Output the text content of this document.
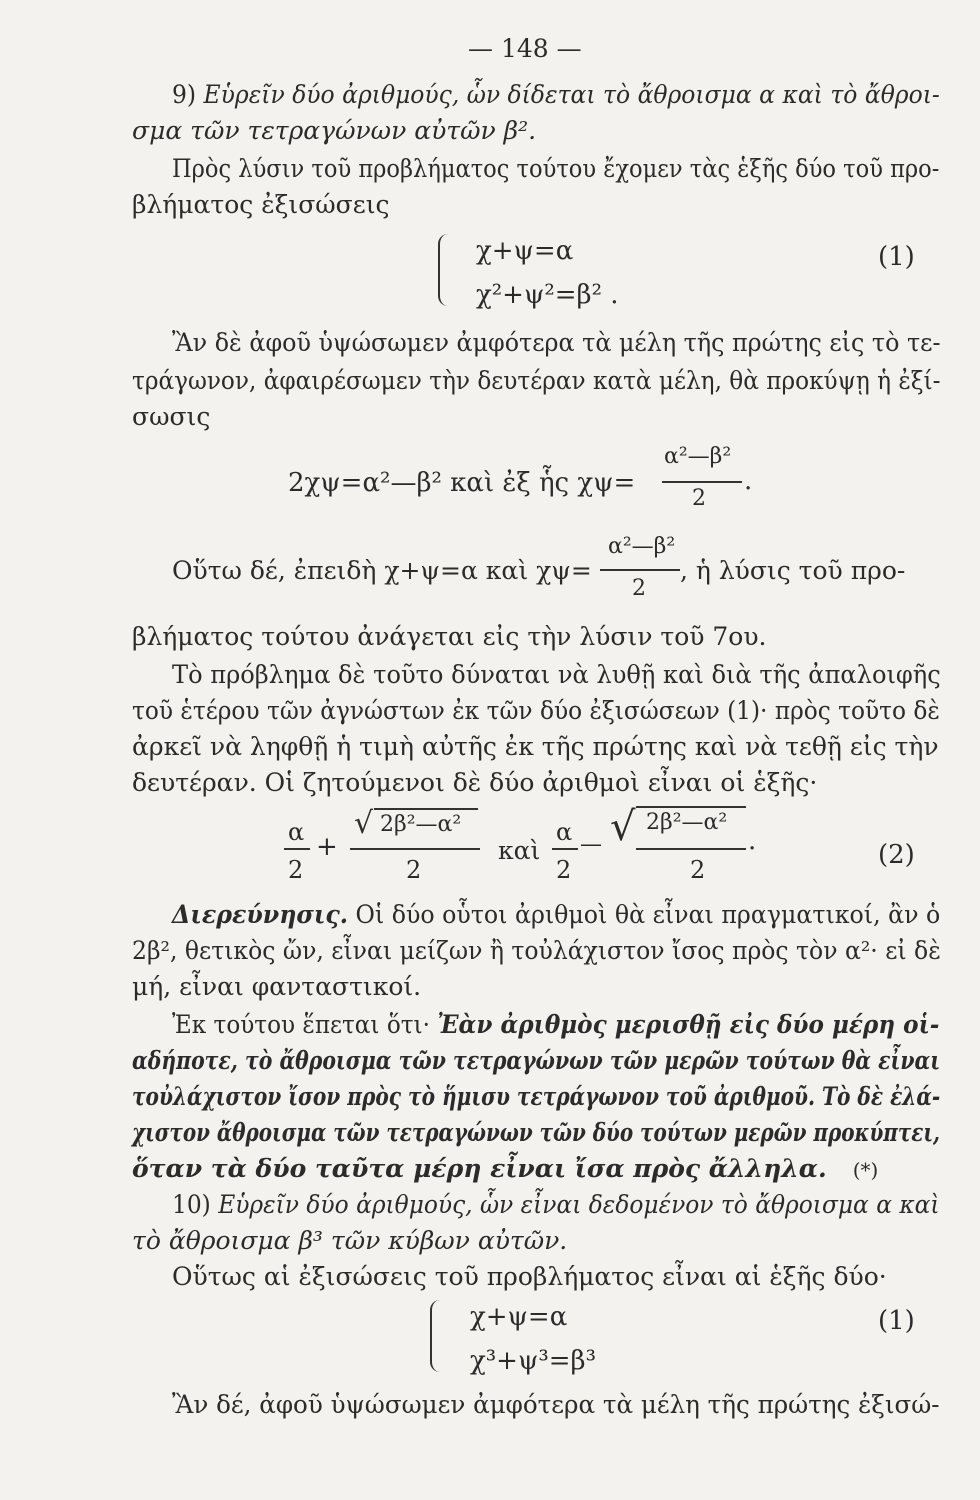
— 148 —
9) Εὑρεῖν δύο ἀριθμούς, ὧν δίδεται τὸ ἄθροισμα α καὶ τὸ ἄθροι-
σμα τῶν τετραγώνων αὐτῶν β².
Πρὸς λύσιν τοῦ προβλήματος τούτου ἔχομεν τὰς ἑξῆς δύο τοῦ προ-
βλήματος ἐξισώσεις
χ+ψ=α
χ²+ψ²=β² .
(1)
Ἂν δὲ ἀφοῦ ὑψώσωμεν ἀμφότερα τὰ μέλη τῆς πρώτης εἰς τὸ τε-
τράγωνον, ἀφαιρέσωμεν τὴν δευτέραν κατὰ μέλη, θὰ προκύψῃ ἡ ἐξί-
σωσις
2χψ=α²—β² καὶ ἐξ ἧς χψ=
α²—β²
2
.
α²—β²
Οὕτω δέ, ἐπειδὴ χ+ψ=α καὶ χψ=
2
, ἡ λύσις τοῦ προ-
βλήματος τούτου ἀνάγεται εἰς τὴν λύσιν τοῦ 7ου.
Τὸ πρόβλημα δὲ τοῦτο δύναται νὰ λυθῇ καὶ διὰ τῆς ἀπαλοιφῆς
τοῦ ἑτέρου τῶν ἀγνώστων ἐκ τῶν δύο ἐξισώσεων (1)· πρὸς τοῦτο δὲ
ἀρκεῖ νὰ ληφθῇ ἡ τιμὴ αὐτῆς ἐκ τῆς πρώτης καὶ νὰ τεθῇ εἰς τὴν
δευτέραν. Οἱ ζητούμενοι δὲ δύο ἀριθμοὶ εἶναι οἱ ἑξῆς·
α
2
+
√ 2β²—α²
2
καὶ
α
2
— √ 2β²—α²
2
·	(2)
Διερεύνησις. Οἱ δύο οὗτοι ἀριθμοὶ θὰ εἶναι πραγματικοί, ἂν ὁ
2β², θετικὸς ὤν, εἶναι μείζων ἢ τοὐλάχιστον ἴσος πρὸς τὸν α²· εἰ δὲ
μή, εἶναι φανταστικοί.
Ἐκ τούτου ἕπεται ὅτι· Ἐὰν ἀριθμὸς μερισθῇ εἰς δύο μέρη οἱ-
αδήποτε, τὸ ἄθροισμα τῶν τετραγώνων τῶν μερῶν τούτων θὰ εἶναι
τοὐλάχιστον ἴσον πρὸς τὸ ἥμισυ τετράγωνον τοῦ ἀριθμοῦ. Τὸ δὲ ἐλά-
χιστον ἄθροισμα τῶν τετραγώνων τῶν δύο τούτων μερῶν προκύπτει,
ὅταν τὰ δύο ταῦτα μέρη εἶναι ἴσα πρὸς ἄλληλα. (*)
10) Εὑρεῖν δύο ἀριθμούς, ὧν εἶναι δεδομένον τὸ ἄθροισμα α καὶ
τὸ ἄθροισμα β³ τῶν κύβων αὐτῶν.
Οὕτως αἱ ἐξισώσεις τοῦ προβλήματος εἶναι αἱ ἑξῆς δύο·
χ+ψ=α
χ³+ψ³=β³
(1)
Ἂν δέ, ἀφοῦ ὑψώσωμεν ἀμφότερα τὰ μέλη τῆς πρώτης ἐξισώ-
